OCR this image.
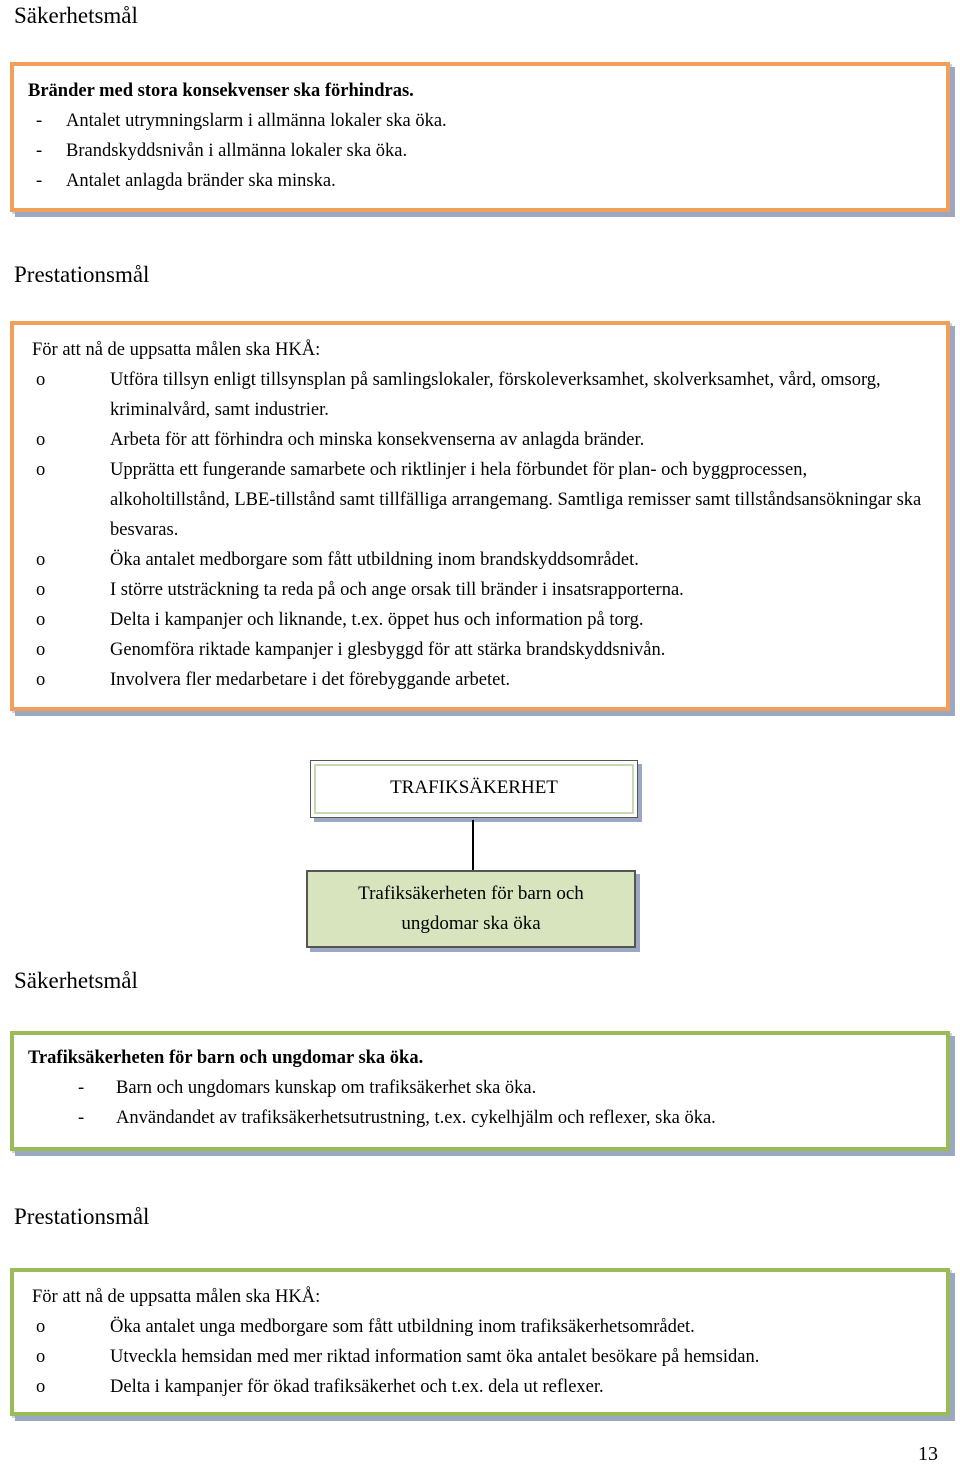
Säkerhetsmål
Bränder med stora konsekvenser ska förhindras.
-	Antalet utrymningslarm i allmänna lokaler ska öka.
-	Brandskyddsnivån i allmänna lokaler ska öka.
-	Antalet anlagda bränder ska minska.
Prestationsmål
För att nå de uppsatta målen ska HKÅ:
o	Utföra tillsyn enligt tillsynsplan på samlingslokaler, förskoleverksamhet, skolverksamhet, vård, omsorg, kriminalvård, samt industrier.
o	Arbeta för att förhindra och minska konsekvenserna av anlagda bränder.
o	Upprätta ett fungerande samarbete och riktlinjer i hela förbundet för plan- och byggprocessen, alkoholtillstånd, LBE-tillstånd samt tillfälliga arrangemang. Samtliga remisser samt tillståndsansökningar ska besvaras.
o	Öka antalet medborgare som fått utbildning inom brandskyddsområdet.
o	I större utsträckning ta reda på och ange orsak till bränder i insatsrapporterna.
o	Delta i kampanjer och liknande, t.ex. öppet hus och information på torg.
o	Genomföra riktade kampanjer i glesbyggd för att stärka brandskyddsnivån.
o	Involvera fler medarbetare i det förebyggande arbetet.
TRAFIKSÄKERHET
Trafiksäkerheten för barn och
ungdomar ska öka
Säkerhetsmål
Trafiksäkerheten för barn och ungdomar ska öka.
-	Barn och ungdomars kunskap om trafiksäkerhet ska öka.
-	Användandet av trafiksäkerhetsutrustning, t.ex. cykelhjälm och reflexer, ska öka.
Prestationsmål
För att nå de uppsatta målen ska HKÅ:
o	Öka antalet unga medborgare som fått utbildning inom trafiksäkerhetsområdet.
o	Utveckla hemsidan med mer riktad information samt öka antalet besökare på hemsidan.
o	Delta i kampanjer för ökad trafiksäkerhet och t.ex. dela ut reflexer.
13
